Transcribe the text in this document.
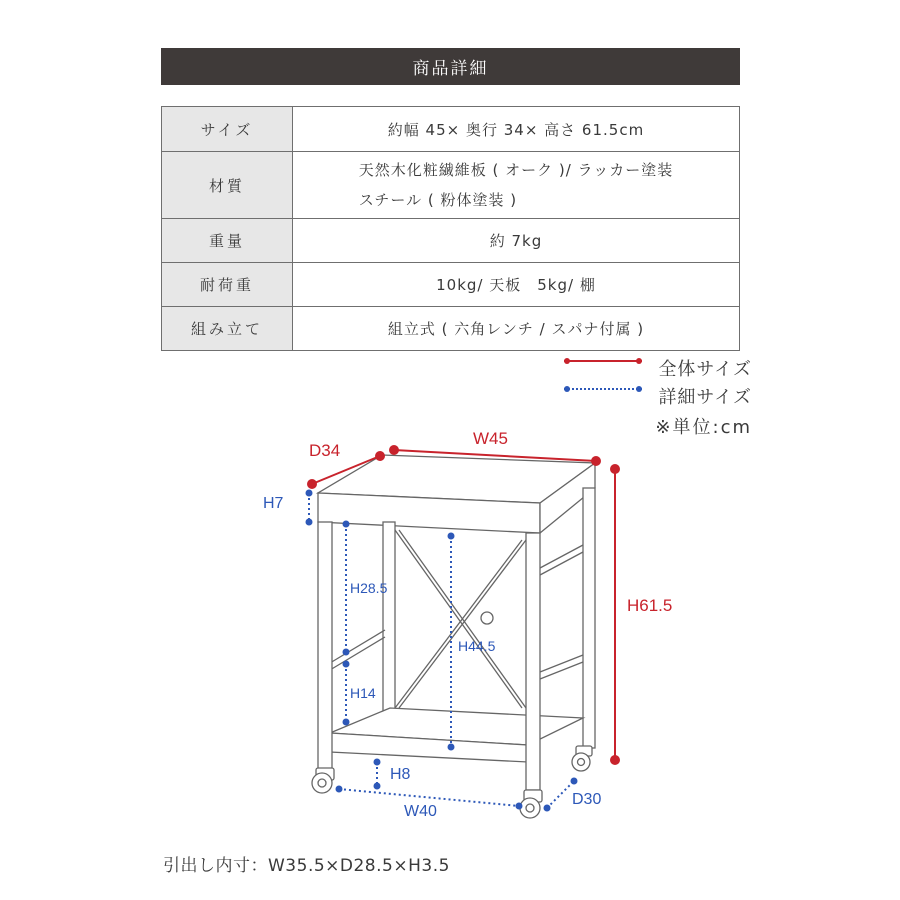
商品詳細
サイズ	約幅 45× 奥行 34× 高さ 61.5cm
材質	天然木化粧繊維板 ( オーク )/ ラッカー塗装
スチール ( 粉体塗装 )
重量	約 7kg
耐荷重	10kg/ 天板　5kg/ 棚
組み立て	組立式 ( 六角レンチ / スパナ付属 )
全体サイズ
詳細サイズ
※単位:cm
D34
W45
H7
H61.5
H28.5
H44.5
H14
H8
W40
D30
引出し内寸：W35.5×D28.5×H3.5
